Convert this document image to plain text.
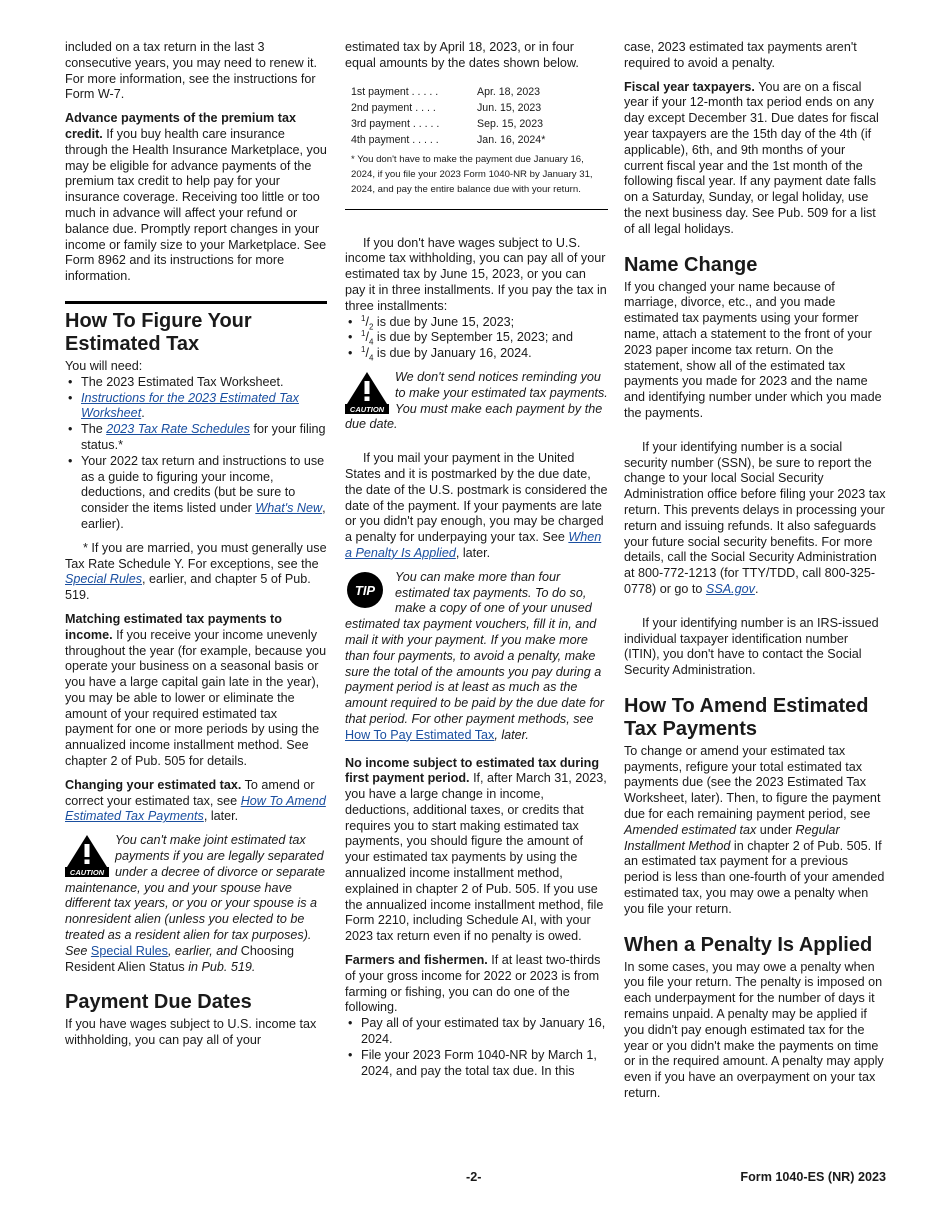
included on a tax return in the last 3 consecutive years, you may need to renew it. For more information, see the instructions for Form W-7.

Advance payments of the premium tax credit. If you buy health care insurance through the Health Insurance Marketplace, you may be eligible for advance payments of the premium tax credit to help pay for your insurance coverage. Receiving too little or too much in advance will affect your refund or balance due. Promptly report changes in your income or family size to your Marketplace. See Form 8962 and its instructions for more information.

How To Figure Your Estimated Tax
You will need:
• The 2023 Estimated Tax Worksheet.
• Instructions for the 2023 Estimated Tax Worksheet.
• The 2023 Tax Rate Schedules for your filing status.*
• Your 2022 tax return and instructions to use as a guide to figuring your income, deductions, and credits (but be sure to consider the items listed under What's New, earlier).

* If you are married, you must generally use Tax Rate Schedule Y. For exceptions, see the Special Rules, earlier, and chapter 5 of Pub. 519.

Matching estimated tax payments to income. If you receive your income unevenly throughout the year (for example, because you operate your business on a seasonal basis or you have a large capital gain late in the year), you may be able to lower or eliminate the amount of your required estimated tax payment for one or more periods by using the annualized income installment method. See chapter 2 of Pub. 505 for details.

Changing your estimated tax. To amend or correct your estimated tax, see How To Amend Estimated Tax Payments, later.

CAUTION
You can't make joint estimated tax payments if you are legally separated under a decree of divorce or separate maintenance, you and your spouse have different tax years, or you or your spouse is a nonresident alien (unless you elected to be treated as a resident alien for tax purposes). See Special Rules, earlier, and Choosing Resident Alien Status in Pub. 519.
Payment Due Dates

If you have wages subject to U.S. income tax withholding, you can pay all of your

estimated tax by April 18, 2023, or in four equal amounts by the dates shown below.

1st payment . . . . .	Apr. 18, 2023
2nd payment . . . .	Jun. 15, 2023
3rd payment . . . . .	Sep. 15, 2023
4th payment . . . . .	Jan. 16, 2024*
* You don't have to make the payment due January 16, 2024, if you file your 2023 Form 1040-NR by January 31, 2024, and pay the entire balance due with your return.

If you don't have wages subject to U.S. income tax withholding, you can pay all of your estimated tax by June 15, 2023, or you can pay it in three installments. If you pay the tax in three installments:

• $^1/_2$ is due by June 15, 2023;
• $^1/_4$ is due by September 15, 2023; and
• $^1/_4$ is due by January 16, 2024.
CAUTION
We don't send notices reminding you to make your estimated tax payments. You must make each payment by the due date.

If you mail your payment in the United States and it is postmarked by the due date, the date of the U.S. postmark is considered the date of the payment. If your payments are late or you didn't pay enough, you may be charged a penalty for underpaying your tax. See When a Penalty Is Applied, later.

TIP
You can make more than four estimated tax payments. To do so, make a copy of one of your unused estimated tax payment vouchers, fill it in, and mail it with your payment. If you make more than four payments, to avoid a penalty, make sure the total of the amounts you pay during a payment period is at least as much as the amount required to be paid by the due date for that period. For other payment methods, see How To Pay Estimated Tax, later.

No income subject to estimated tax during first payment period. If, after March 31, 2023, you have a large change in income, deductions, additional taxes, or credits that requires you to start making estimated tax payments, you should figure the amount of your estimated tax payments by using the annualized income installment method, explained in chapter 2 of Pub. 505. If you use the annualized income installment method, file Form 2210, including Schedule AI, with your 2023 tax return even if no penalty is owed.

Farmers and fishermen. If at least two-thirds of your gross income for 2022 or 2023 is from farming or fishing, you can do one of the following.

• Pay all of your estimated tax by January 16, 2024.
• File your 2023 Form 1040-NR by March 1, 2024, and pay the total tax due. In this

case, 2023 estimated tax payments aren't required to avoid a penalty.

Fiscal year taxpayers. You are on a fiscal year if your 12-month tax period ends on any day except December 31. Due dates for fiscal year taxpayers are the 15th day of the 4th (if applicable), 6th, and 9th months of your current fiscal year and the 1st month of the following fiscal year. If any payment date falls on a Saturday, Sunday, or legal holiday, use the next business day. See Pub. 509 for a list of all legal holidays.

Name Change

If you changed your name because of marriage, divorce, etc., and you made estimated tax payments using your former name, attach a statement to the front of your 2023 paper income tax return. On the statement, show all of the estimated tax payments you made for 2023 and the name and identifying number under which you made the payments.

If your identifying number is a social security number (SSN), be sure to report the change to your local Social Security Administration office before filing your 2023 tax return. This prevents delays in processing your return and issuing refunds. It also safeguards your future social security benefits. For more details, call the Social Security Administration at 800-772-1213 (for TTY/TDD, call 800-325-0778) or go to SSA.gov.

If your identifying number is an IRS-issued individual taxpayer identification number (ITIN), you don't have to contact the Social Security Administration.

How To Amend Estimated Tax Payments

To change or amend your estimated tax payments, refigure your total estimated tax payments due (see the 2023 Estimated Tax Worksheet, later). Then, to figure the payment due for each remaining payment period, see Amended estimated tax under Regular Installment Method in chapter 2 of Pub. 505. If an estimated tax payment for a previous period is less than one-fourth of your amended estimated tax, you may owe a penalty when you file your return.

When a Penalty Is Applied

In some cases, you may owe a penalty when you file your return. The penalty is imposed on each underpayment for the number of days it remains unpaid. A penalty may be applied if you didn't pay enough estimated tax for the year or you didn't make the payments on time or in the required amount. A penalty may apply even if you have an overpayment on your tax return.

-2-	Form 1040-ES (NR) 2023
